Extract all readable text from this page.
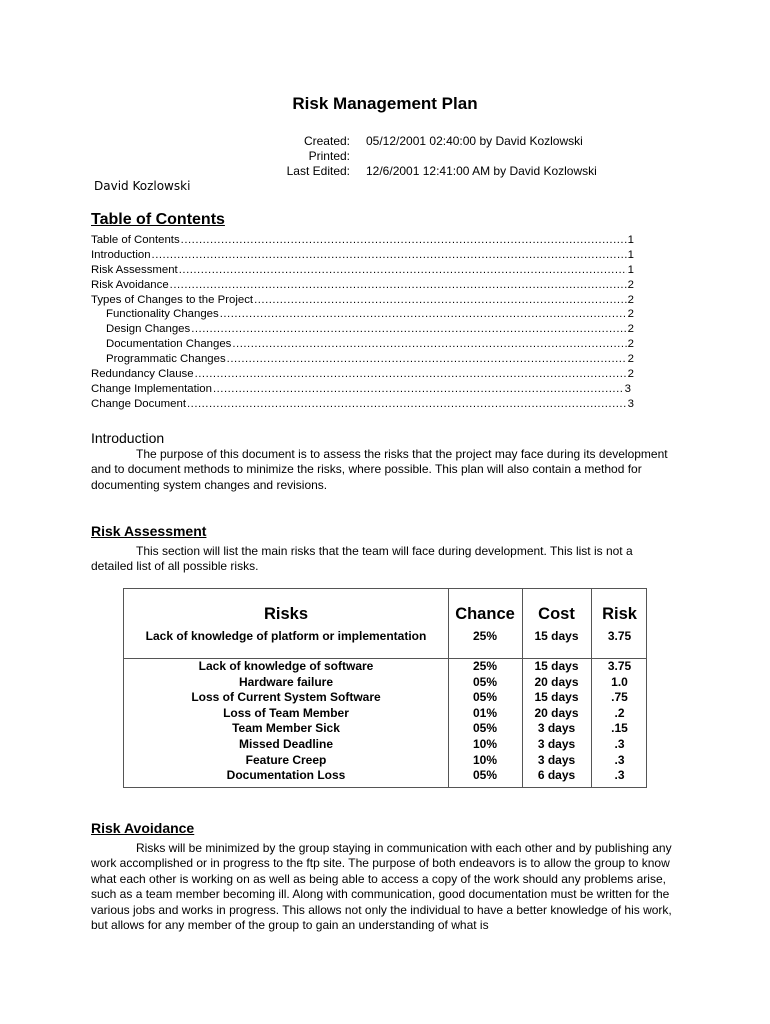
Risk Management Plan
Created:	05/12/2001 02:40:00 by David Kozlowski
Printed:
Last Edited:	12/6/2001 12:41:00 AM by David Kozlowski
David Kozlowski
Table of Contents
Table of Contents .....	1
Introduction .....	1
Risk Assessment .....	1
Risk Avoidance .....	2
Types of Changes to the Project .....	2
Functionality Changes .....	2
Design Changes .....	2
Documentation Changes .....	2
Programmatic Changes .....	2
Redundancy Clause .....	2
Change Implementation .....	3
Change Document .....	3
Introduction
The purpose of this document is to assess the risks that the project may face during its development and to document methods to minimize the risks, where possible. This plan will also contain a method for documenting system changes and revisions.
Risk Assessment
This section will list the main risks that the team will face during development. This list is not a detailed list of all possible risks.
Risks	Chance	Cost	Risk
Lack of knowledge of platform or implementation	25%	15 days	3.75
Lack of knowledge of software	25%	15 days	3.75
Hardware failure	05%	20 days	1.0
Loss of Current System Software	05%	15 days	.75
Loss of Team Member	01%	20 days	.2
Team Member Sick	05%	3 days	.15
Missed Deadline	10%	3 days	.3
Feature Creep	10%	3 days	.3
Documentation Loss	05%	6 days	.3
Risk Avoidance
Risks will be minimized by the group staying in communication with each other and by publishing any work accomplished or in progress to the ftp site. The purpose of both endeavors is to allow the group to know what each other is working on as well as being able to access a copy of the work should any problems arise, such as a team member becoming ill. Along with communication, good documentation must be written for the various jobs and works in progress. This allows not only the individual to have a better knowledge of his work, but allows for any member of the group to gain an understanding of what is
